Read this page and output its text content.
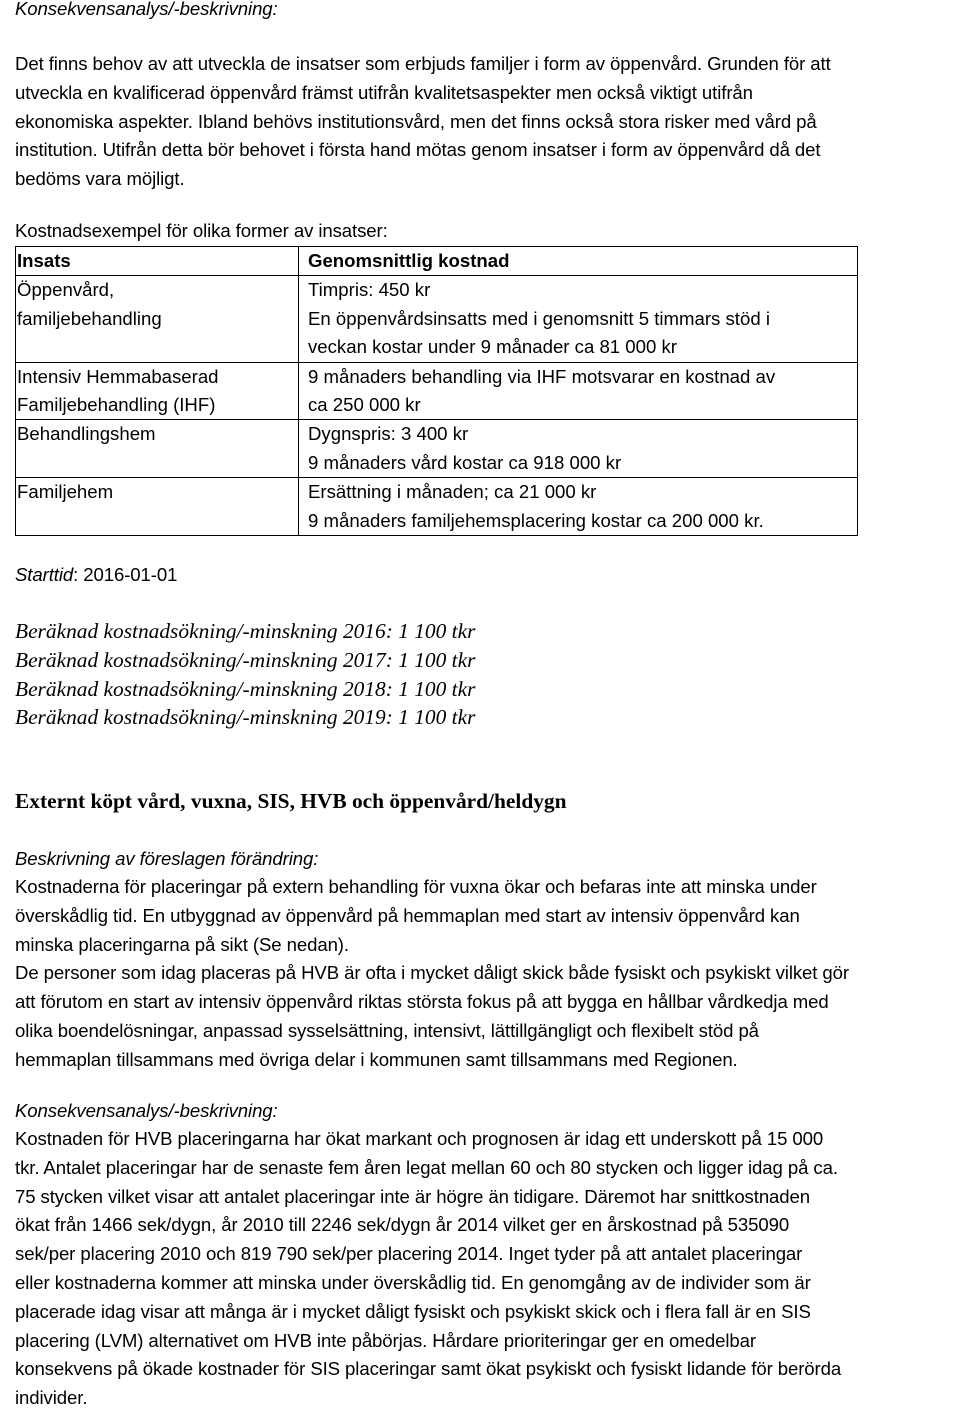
Konsekvensanalys/-beskrivning:
Det finns behov av att utveckla de insatser som erbjuds familjer i form av öppenvård. Grunden för att
utveckla en kvalificerad öppenvård främst utifrån kvalitetsaspekter men också viktigt utifrån
ekonomiska aspekter. Ibland behövs institutionsvård, men det finns också stora risker med vård på
institution. Utifrån detta bör behovet i första hand mötas genom insatser i form av öppenvård då det
bedöms vara möjligt.
Kostnadsexempel för olika former av insatser:
Insats	Genomsnittlig kostnad

Öppenvård,
familjebehandling	Timpris: 450 kr
En öppenvårdsinsatts med i genomsnitt 5 timmars stöd i
veckan kostar under 9 månader ca 81 000 kr

Intensiv Hemmabaserad
Familjebehandling (IHF)	9 månaders behandling via IHF motsvarar en kostnad av
ca 250 000 kr

Behandlingshem	Dygnspris: 3 400 kr
9 månaders vård kostar ca 918 000 kr

Familjehem	Ersättning i månaden; ca 21 000 kr
9 månaders familjehemsplacering kostar ca 200 000 kr.
Starttid: 2016-01-01
Beräknad kostnadsökning/-minskning 2016: 1 100 tkr
Beräknad kostnadsökning/-minskning 2017: 1 100 tkr
Beräknad kostnadsökning/-minskning 2018: 1 100 tkr
Beräknad kostnadsökning/-minskning 2019: 1 100 tkr
Externt köpt vård, vuxna, SIS, HVB och öppenvård/heldygn
Beskrivning av föreslagen förändring:
Kostnaderna för placeringar på extern behandling för vuxna ökar och befaras inte att minska under
överskådlig tid. En utbyggnad av öppenvård på hemmaplan med start av intensiv öppenvård kan
minska placeringarna på sikt (Se nedan).
De personer som idag placeras på HVB är ofta i mycket dåligt skick både fysiskt och psykiskt vilket gör
att förutom en start av intensiv öppenvård riktas största fokus på att bygga en hållbar vårdkedja med
olika boendelösningar, anpassad sysselsättning, intensivt, lättillgängligt och flexibelt stöd på
hemmaplan tillsammans med övriga delar i kommunen samt tillsammans med Regionen.
Konsekvensanalys/-beskrivning:
Kostnaden för HVB placeringarna har ökat markant och prognosen är idag ett underskott på 15 000
tkr. Antalet placeringar har de senaste fem åren legat mellan 60 och 80 stycken och ligger idag på ca.
75 stycken vilket visar att antalet placeringar inte är högre än tidigare. Däremot har snittkostnaden
ökat från 1466 sek/dygn, år 2010 till 2246 sek/dygn år 2014 vilket ger en årskostnad på 535090
sek/per placering 2010 och 819 790 sek/per placering 2014. Inget tyder på att antalet placeringar
eller kostnaderna kommer att minska under överskådlig tid. En genomgång av de individer som är
placerade idag visar att många är i mycket dåligt fysiskt och psykiskt skick och i flera fall är en SIS
placering (LVM) alternativet om HVB inte påbörjas. Hårdare prioriteringar ger en omedelbar
konsekvens på ökade kostnader för SIS placeringar samt ökat psykiskt och fysiskt lidande för berörda
individer.
